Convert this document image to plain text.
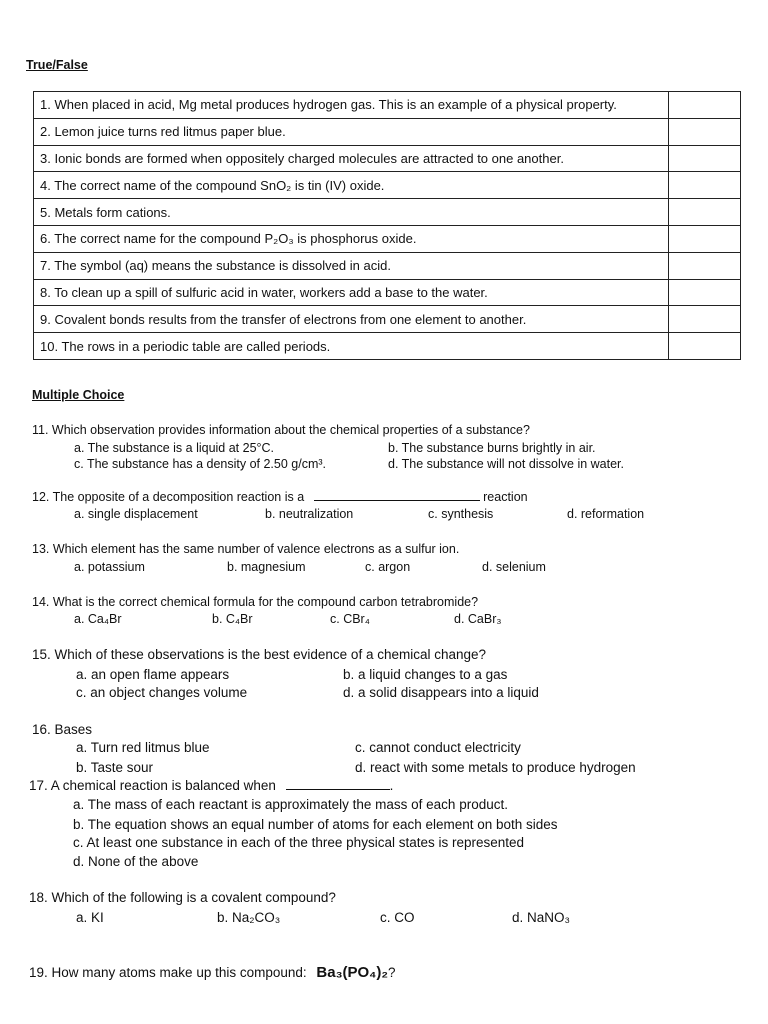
True/False
1. When placed in acid, Mg metal produces hydrogen gas. This is an example of a physical property.	
2. Lemon juice turns red litmus paper blue.	
3. Ionic bonds are formed when oppositely charged molecules are attracted to one another.	
4. The correct name of the compound SnO₂ is tin (IV) oxide.	
5. Metals form cations.	
6. The correct name for the compound P₂O₃ is phosphorus oxide.	
7. The symbol (aq) means the substance is dissolved in acid.	
8. To clean up a spill of sulfuric acid in water, workers add a base to the water.	
9. Covalent bonds results from the transfer of electrons from one element to another.	
10. The rows in a periodic table are called periods.	
Multiple Choice
11. Which observation provides information about the chemical properties of a substance?
a. The substance is a liquid at 25°C.	b. The substance burns brightly in air.
c. The substance has a density of 2.50 g/cm³.	d. The substance will not dissolve in water.
12. The opposite of a decomposition reaction is a	reaction
a. single displacement	b. neutralization	c. synthesis	d. reformation
13. Which element has the same number of valence electrons as a sulfur ion.
a. potassium	b. magnesium	c. argon	d. selenium
14. What is the correct chemical formula for the compound carbon tetrabromide?
a. Ca₄Br	b. C₄Br	c. CBr₄	d. CaBr₃
15. Which of these observations is the best evidence of a chemical change?
a. an open flame appears	b. a liquid changes to a gas
c. an object changes volume	d. a solid disappears into a liquid
16. Bases
a. Turn red litmus blue	c. cannot conduct electricity
b. Taste sour	d. react with some metals to produce hydrogen
17. A chemical reaction is balanced when	.
a. The mass of each reactant is approximately the mass of each product.
b. The equation shows an equal number of atoms for each element on both sides
c. At least one substance in each of the three physical states is represented
d. None of the above
18. Which of the following is a covalent compound?
a. KI	b. Na₂CO₃	c. CO	d. NaNO₃
19. How many atoms make up this compound: Ba₃(PO₄)₂?
